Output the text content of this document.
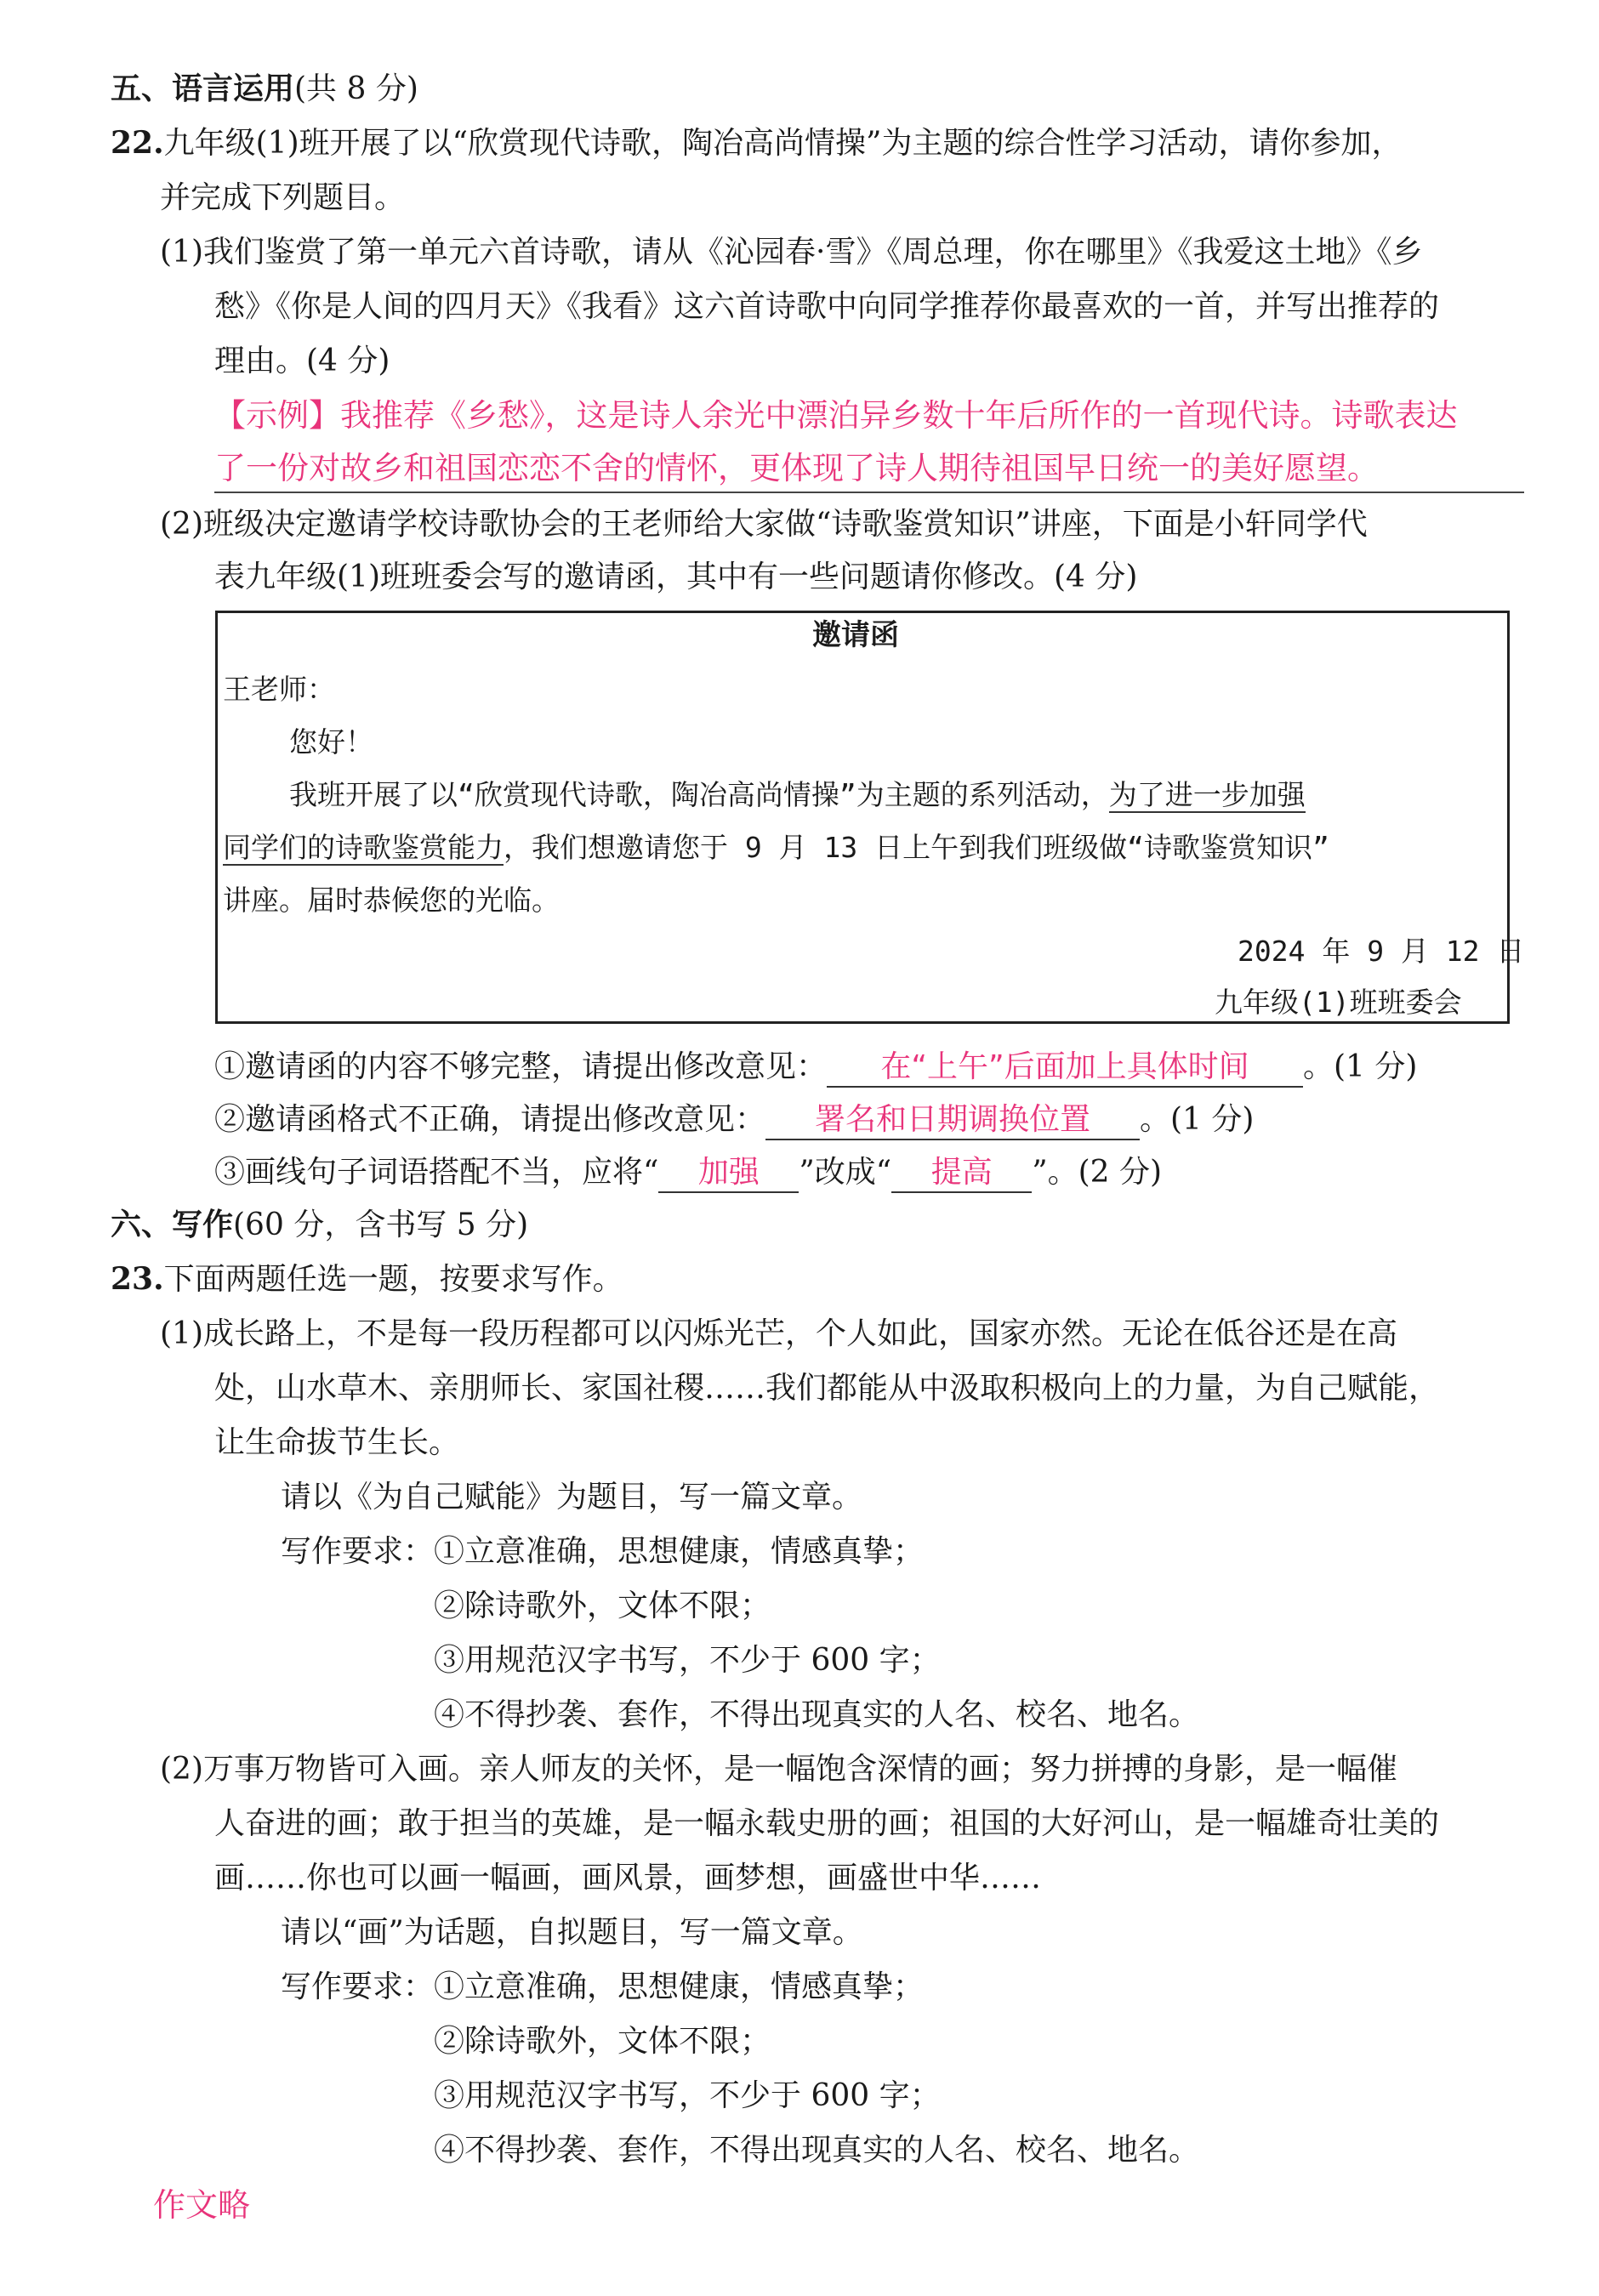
五、语言运用(共 8 分)
22.九年级(1)班开展了以“欣赏现代诗歌，陶冶高尚情操”为主题的综合性学习活动，请你参加，
并完成下列题目。
(1)我们鉴赏了第一单元六首诗歌，请从《沁园春·雪》《周总理，你在哪里》《我爱这土地》《乡
愁》《你是人间的四月天》《我看》这六首诗歌中向同学推荐你最喜欢的一首，并写出推荐的
理由。(4 分)
【示例】我推荐《乡愁》，这是诗人余光中漂泊异乡数十年后所作的一首现代诗。诗歌表达
了一份对故乡和祖国恋恋不舍的情怀，更体现了诗人期待祖国早日统一的美好愿望。
(2)班级决定邀请学校诗歌协会的王老师给大家做“诗歌鉴赏知识”讲座，下面是小轩同学代
表九年级(1)班班委会写的邀请函，其中有一些问题请你修改。(4 分)
邀请函
王老师：
您好！
我班开展了以“欣赏现代诗歌，陶冶高尚情操”为主题的系列活动，为了进一步加强
同学们的诗歌鉴赏能力，我们想邀请您于 9 月 13 日上午到我们班级做“诗歌鉴赏知识”
讲座。届时恭候您的光临。
2024 年 9 月 12 日
九年级(1)班班委会
①邀请函的内容不够完整，请提出修改意见： 在“上午”后面加上具体时间 。(1 分)
②邀请函格式不正确，请提出修改意见： 署名和日期调换位置 。(1 分)
③画线句子词语搭配不当，应将“ 加强 ”改成“ 提高 ”。(2 分)
六、写作(60 分，含书写 5 分)
23.下面两题任选一题，按要求写作。
(1)成长路上，不是每一段历程都可以闪烁光芒，个人如此，国家亦然。无论在低谷还是在高
处，山水草木、亲朋师长、家国社稷……我们都能从中汲取积极向上的力量，为自己赋能，
让生命拔节生长。
请以《为自己赋能》为题目，写一篇文章。
写作要求：①立意准确，思想健康，情感真挚；
②除诗歌外，文体不限；
③用规范汉字书写，不少于 600 字；
④不得抄袭、套作，不得出现真实的人名、校名、地名。
(2)万事万物皆可入画。亲人师友的关怀，是一幅饱含深情的画；努力拼搏的身影，是一幅催
人奋进的画；敢于担当的英雄，是一幅永载史册的画；祖国的大好河山，是一幅雄奇壮美的
画……你也可以画一幅画，画风景，画梦想，画盛世中华……
请以“画”为话题，自拟题目，写一篇文章。
写作要求：①立意准确，思想健康，情感真挚；
②除诗歌外，文体不限；
③用规范汉字书写，不少于 600 字；
④不得抄袭、套作，不得出现真实的人名、校名、地名。
作文略
